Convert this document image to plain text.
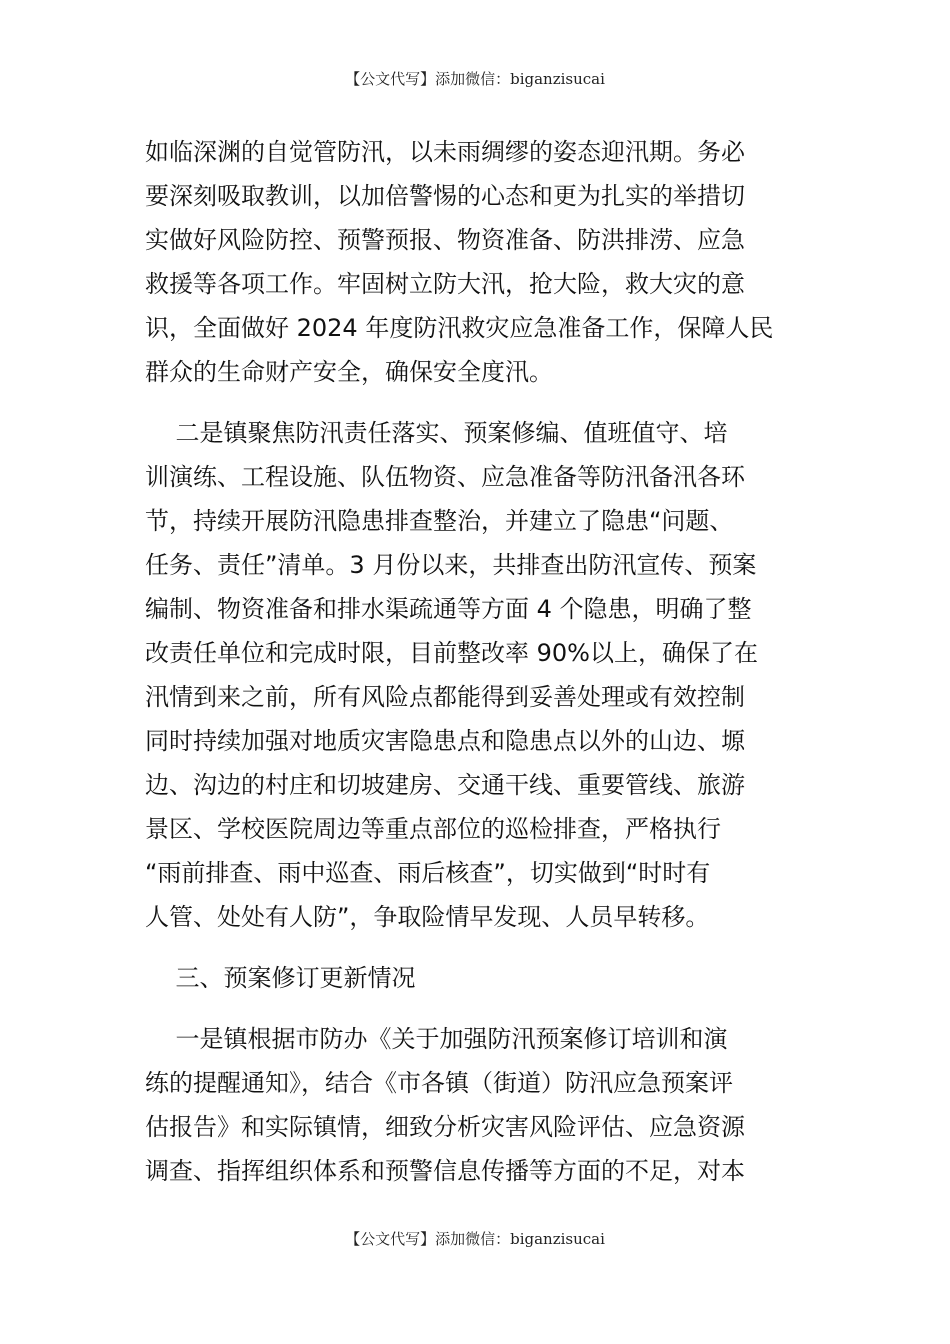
【公文代写】添加微信：biganzisucai
如临深渊的自觉管防汛，以未雨绸缪的姿态迎汛期。务必
要深刻吸取教训，以加倍警惕的心态和更为扎实的举措切
实做好风险防控、预警预报、物资准备、防洪排涝、应急
救援等各项工作。牢固树立防大汛，抢大险，救大灾的意
识，全面做好 2024 年度防汛救灾应急准备工作，保障人民
群众的生命财产安全，确保安全度汛。
二是镇聚焦防汛责任落实、预案修编、值班值守、培
训演练、工程设施、队伍物资、应急准备等防汛备汛各环
节，持续开展防汛隐患排查整治，并建立了隐患“问题、
任务、责任”清单。3 月份以来，共排查出防汛宣传、预案
编制、物资准备和排水渠疏通等方面 4 个隐患，明确了整
改责任单位和完成时限，目前整改率 90%以上，确保了在
汛情到来之前，所有风险点都能得到妥善处理或有效控制
同时持续加强对地质灾害隐患点和隐患点以外的山边、塬
边、沟边的村庄和切坡建房、交通干线、重要管线、旅游
景区、学校医院周边等重点部位的巡检排查，严格执行
“雨前排查、雨中巡查、雨后核查”，切实做到“时时有
人管、处处有人防”，争取险情早发现、人员早转移。
三、预案修订更新情况
一是镇根据市防办《关于加强防汛预案修订培训和演
练的提醒通知》，结合《市各镇（街道）防汛应急预案评
估报告》和实际镇情，细致分析灾害风险评估、应急资源
调查、指挥组织体系和预警信息传播等方面的不足，对本
【公文代写】添加微信：biganzisucai
